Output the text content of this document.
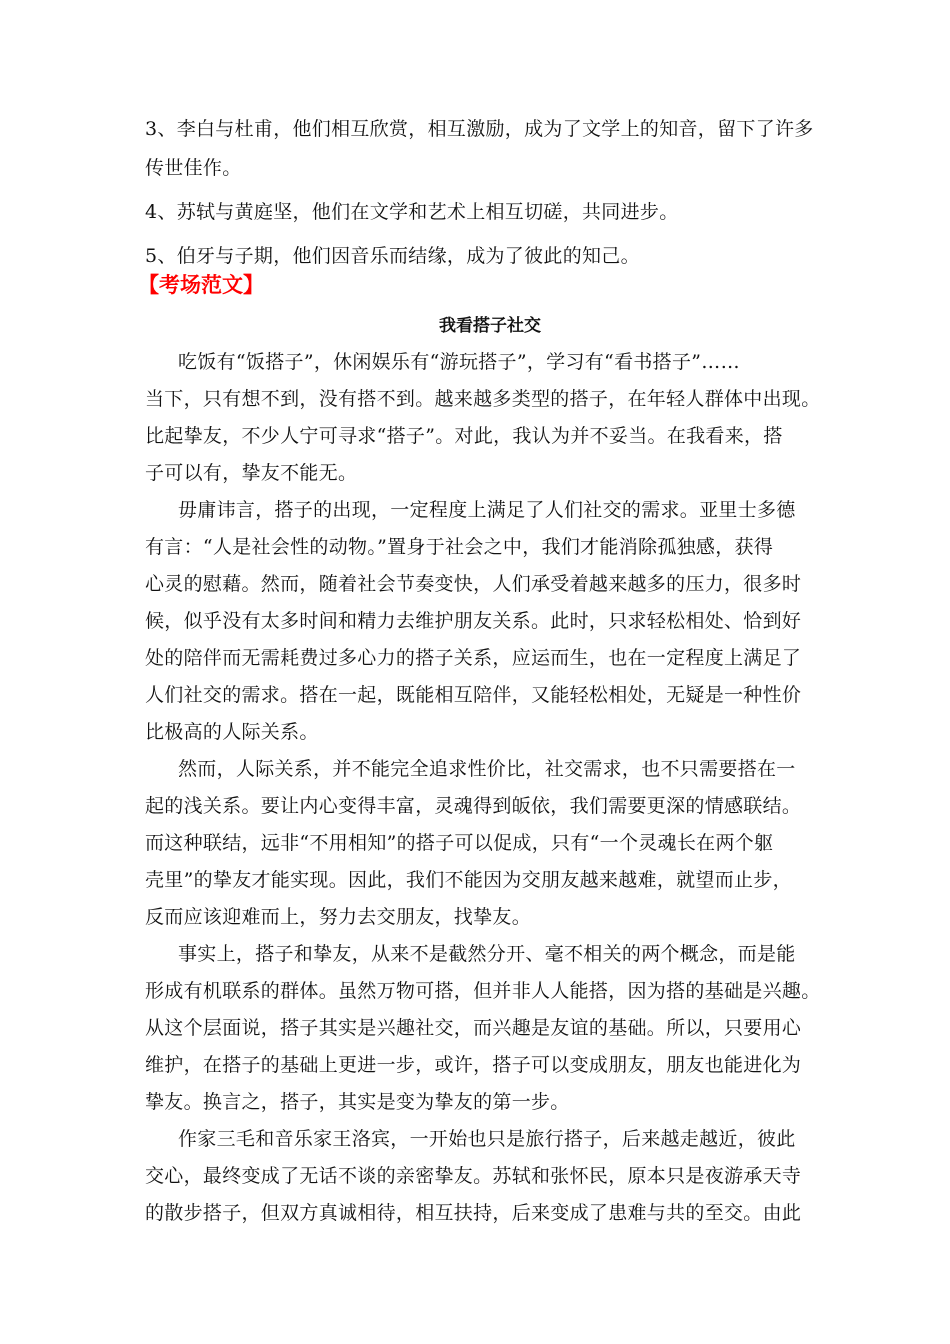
3、李白与杜甫，他们相互欣赏，相互激励，成为了文学上的知音，留下了许多
传世佳作。
4、苏轼与黄庭坚，他们在文学和艺术上相互切磋，共同进步。
5、伯牙与子期，他们因音乐而结缘，成为了彼此的知己。
【考场范文】
我看搭子社交
吃饭有“饭搭子”，休闲娱乐有“游玩搭子”，学习有“看书搭子”……
当下，只有想不到，没有搭不到。越来越多类型的搭子，在年轻人群体中出现。
比起挚友，不少人宁可寻求“搭子”。对此，我认为并不妥当。在我看来，搭
子可以有，挚友不能无。
毋庸讳言，搭子的出现，一定程度上满足了人们社交的需求。亚里士多德
有言：“人是社会性的动物。”置身于社会之中，我们才能消除孤独感，获得
心灵的慰藉。然而，随着社会节奏变快，人们承受着越来越多的压力，很多时
候，似乎没有太多时间和精力去维护朋友关系。此时，只求轻松相处、恰到好
处的陪伴而无需耗费过多心力的搭子关系，应运而生，也在一定程度上满足了
人们社交的需求。搭在一起，既能相互陪伴，又能轻松相处，无疑是一种性价
比极高的人际关系。
然而，人际关系，并不能完全追求性价比，社交需求，也不只需要搭在一
起的浅关系。要让内心变得丰富，灵魂得到皈依，我们需要更深的情感联结。
而这种联结，远非“不用相知”的搭子可以促成，只有“一个灵魂长在两个躯
壳里”的挚友才能实现。因此，我们不能因为交朋友越来越难，就望而止步，
反而应该迎难而上，努力去交朋友，找挚友。
事实上，搭子和挚友，从来不是截然分开、毫不相关的两个概念，而是能
形成有机联系的群体。虽然万物可搭，但并非人人能搭，因为搭的基础是兴趣。
从这个层面说，搭子其实是兴趣社交，而兴趣是友谊的基础。所以，只要用心
维护，在搭子的基础上更进一步，或许，搭子可以变成朋友，朋友也能进化为
挚友。换言之，搭子，其实是变为挚友的第一步。
作家三毛和音乐家王洛宾，一开始也只是旅行搭子，后来越走越近，彼此
交心，最终变成了无话不谈的亲密挚友。苏轼和张怀民，原本只是夜游承天寺
的散步搭子，但双方真诚相待，相互扶持，后来变成了患难与共的至交。由此
